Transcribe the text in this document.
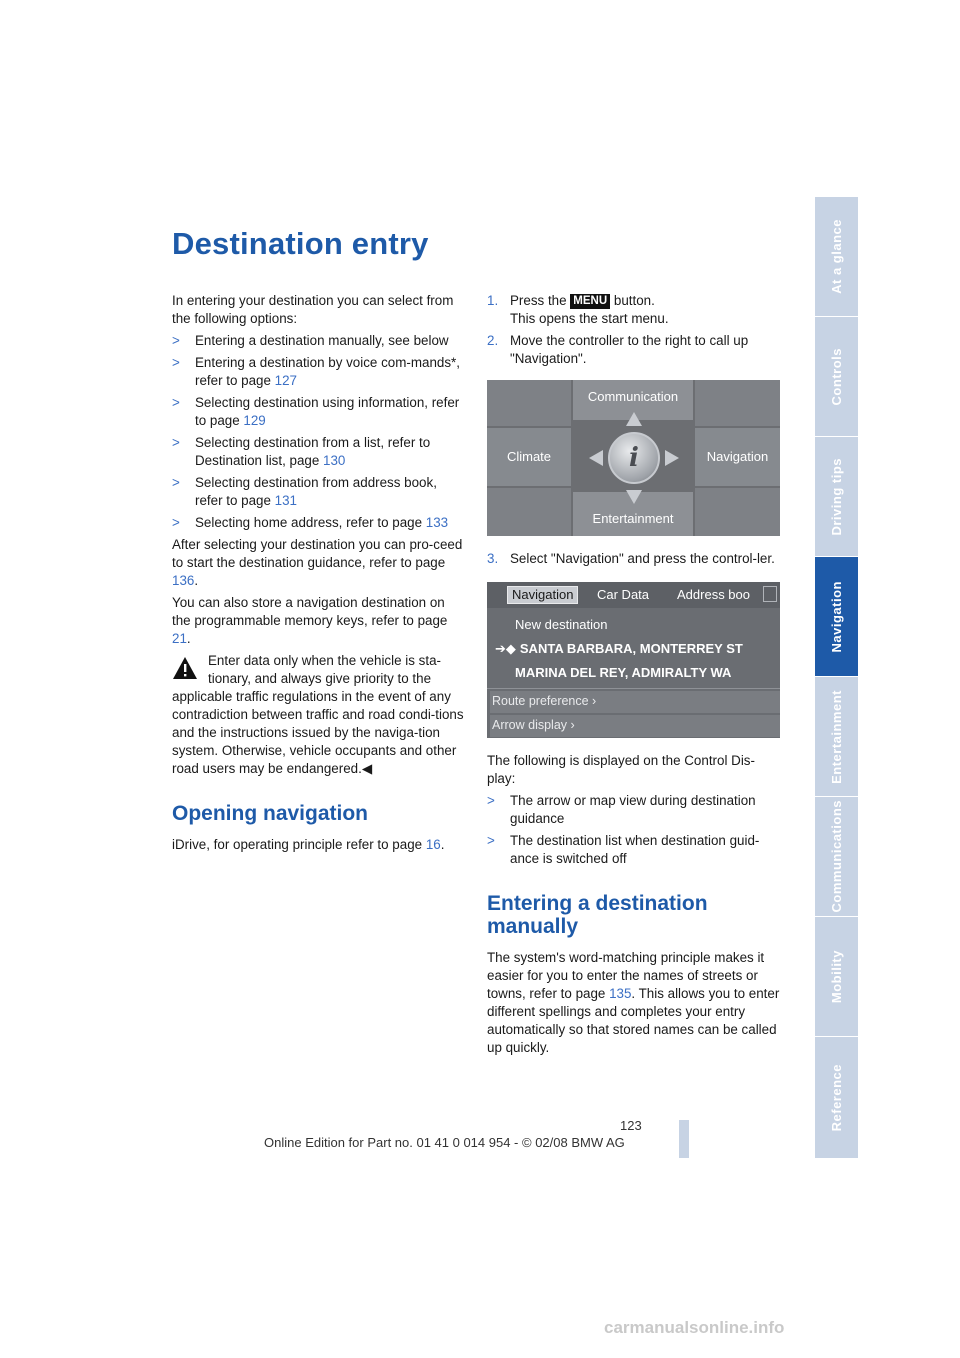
Destination entry

In entering your destination you can select from the following options:

> Entering a destination manually, see below
> Entering a destination by voice com-mands*, refer to page 127
> Selecting destination using information, refer to page 129
> Selecting destination from a list, refer to Destination list, page 130
> Selecting destination from address book, refer to page 131
> Selecting home address, refer to page 133

After selecting your destination you can pro-ceed to start the destination guidance, refer to page 136.

You can also store a navigation destination on the programmable memory keys, refer to page 21.

Enter data only when the vehicle is sta-tionary, and always give priority to the applicable traffic regulations in the event of any contradiction between traffic and road condi-tions and the instructions issued by the naviga-tion system. Otherwise, vehicle occupants and other road users may be endangered.◀
Opening navigation

iDrive, for operating principle refer to page 16.

1. Press the MENU button.
This opens the start menu.
2. Move the controller to the right to call up "Navigation".
Communication
Climate	Navigation
Entertainment
i
3. Select "Navigation" and press the control-ler.
Navigation	Car Data Address boo
New destination
➔◆ SANTA BARBARA, MONTERREY ST
MARINA DEL REY, ADMIRALTY WA
Route preference ›
Arrow display ›

The following is displayed on the Control Dis-play:

> The arrow or map view during destination guidance
> The destination list when destination guid-ance is switched off
Entering a destination manually

The system's word-matching principle makes it easier for you to enter the names of streets or towns, refer to page 135. This allows you to enter different spellings and completes your entry automatically so that stored names can be called up quickly.

At a glance
Controls
Driving tips
Navigation
Entertainment
Communications
Mobility
Reference
123
Online Edition for Part no. 01 41 0 014 954 - © 02/08 BMW AG
carmanualsonline.info
